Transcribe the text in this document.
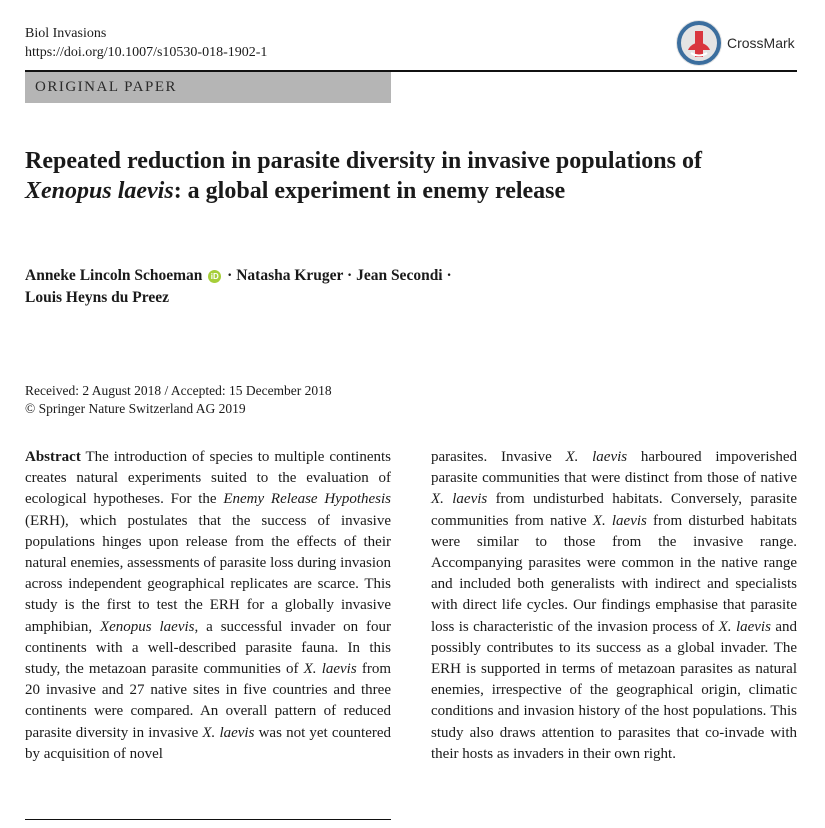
Biol Invasions
https://doi.org/10.1007/s10530-018-1902-1
CrossMark
ORIGINAL PAPER
Repeated reduction in parasite diversity in invasive populations of Xenopus laevis: a global experiment in enemy release
Anneke Lincoln Schoeman iD · Natasha Kruger · Jean Secondi ·
Louis Heyns du Preez
Received: 2 August 2018 / Accepted: 15 December 2018
© Springer Nature Switzerland AG 2019
Abstract The introduction of species to multiple continents creates natural experiments suited to the evaluation of ecological hypotheses. For the Enemy Release Hypothesis (ERH), which postulates that the success of invasive populations hinges upon release from the effects of their natural enemies, assessments of parasite loss during invasion across independent geographical replicates are scarce. This study is the first to test the ERH for a globally invasive amphibian, Xenopus laevis, a successful invader on four continents with a well-described parasite fauna. In this study, the metazoan parasite communities of X. laevis from 20 invasive and 27 native sites in five countries and three continents were compared. An overall pattern of reduced parasite diversity in invasive X. laevis was not yet countered by acquisition of novel
parasites. Invasive X. laevis harboured impoverished parasite communities that were distinct from those of native X. laevis from undisturbed habitats. Conversely, parasite communities from native X. laevis from disturbed habitats were similar to those from the invasive range. Accompanying parasites were common in the native range and included both generalists with indirect and specialists with direct life cycles. Our findings emphasise that parasite loss is characteristic of the invasion process of X. laevis and possibly contributes to its success as a global invader. The ERH is supported in terms of metazoan parasites as natural enemies, irrespective of the geographical origin, climatic conditions and invasion history of the host populations. This study also draws attention to parasites that co-invade with their hosts as invaders in their own right.
